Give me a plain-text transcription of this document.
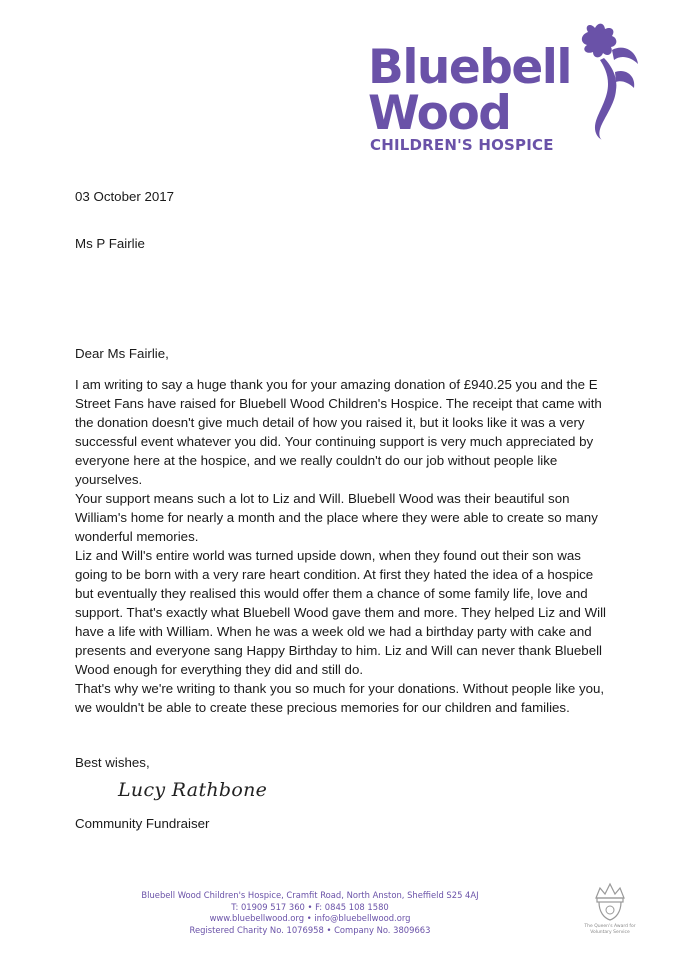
Bluebell
Wood
CHILDREN'S HOSPICE
03 October 2017
Ms P Fairlie
Dear Ms Fairlie,
I am writing to say a huge thank you for your amazing donation of £940.25 you and the E Street Fans have raised for Bluebell Wood Children's Hospice. The receipt that came with the donation doesn't give much detail of how you raised it, but it looks like it was a very successful event whatever you did. Your continuing support is very much appreciated by everyone here at the hospice, and we really couldn't do our job without people like yourselves.
Your support means such a lot to Liz and Will. Bluebell Wood was their beautiful son William's home for nearly a month and the place where they were able to create so many wonderful memories.
Liz and Will's entire world was turned upside down, when they found out their son was going to be born with a very rare heart condition. At first they hated the idea of a hospice but eventually they realised this would offer them a chance of some family life, love and support. That's exactly what Bluebell Wood gave them and more. They helped Liz and Will have a life with William. When he was a week old we had a birthday party with cake and presents and everyone sang Happy Birthday to him. Liz and Will can never thank Bluebell Wood enough for everything they did and still do.
That's why we're writing to thank you so much for your donations. Without people like you, we wouldn't be able to create these precious memories for our children and families.
Best wishes,
Lucy Rathbone
Community Fundraiser
Bluebell Wood Children's Hospice, Cramfit Road, North Anston, Sheffield S25 4AJ
T: 01909 517 360 • F: 0845 108 1580
www.bluebellwood.org • info@bluebellwood.org
Registered Charity No. 1076958 • Company No. 3809663	The Queen's Award for Voluntary Service
